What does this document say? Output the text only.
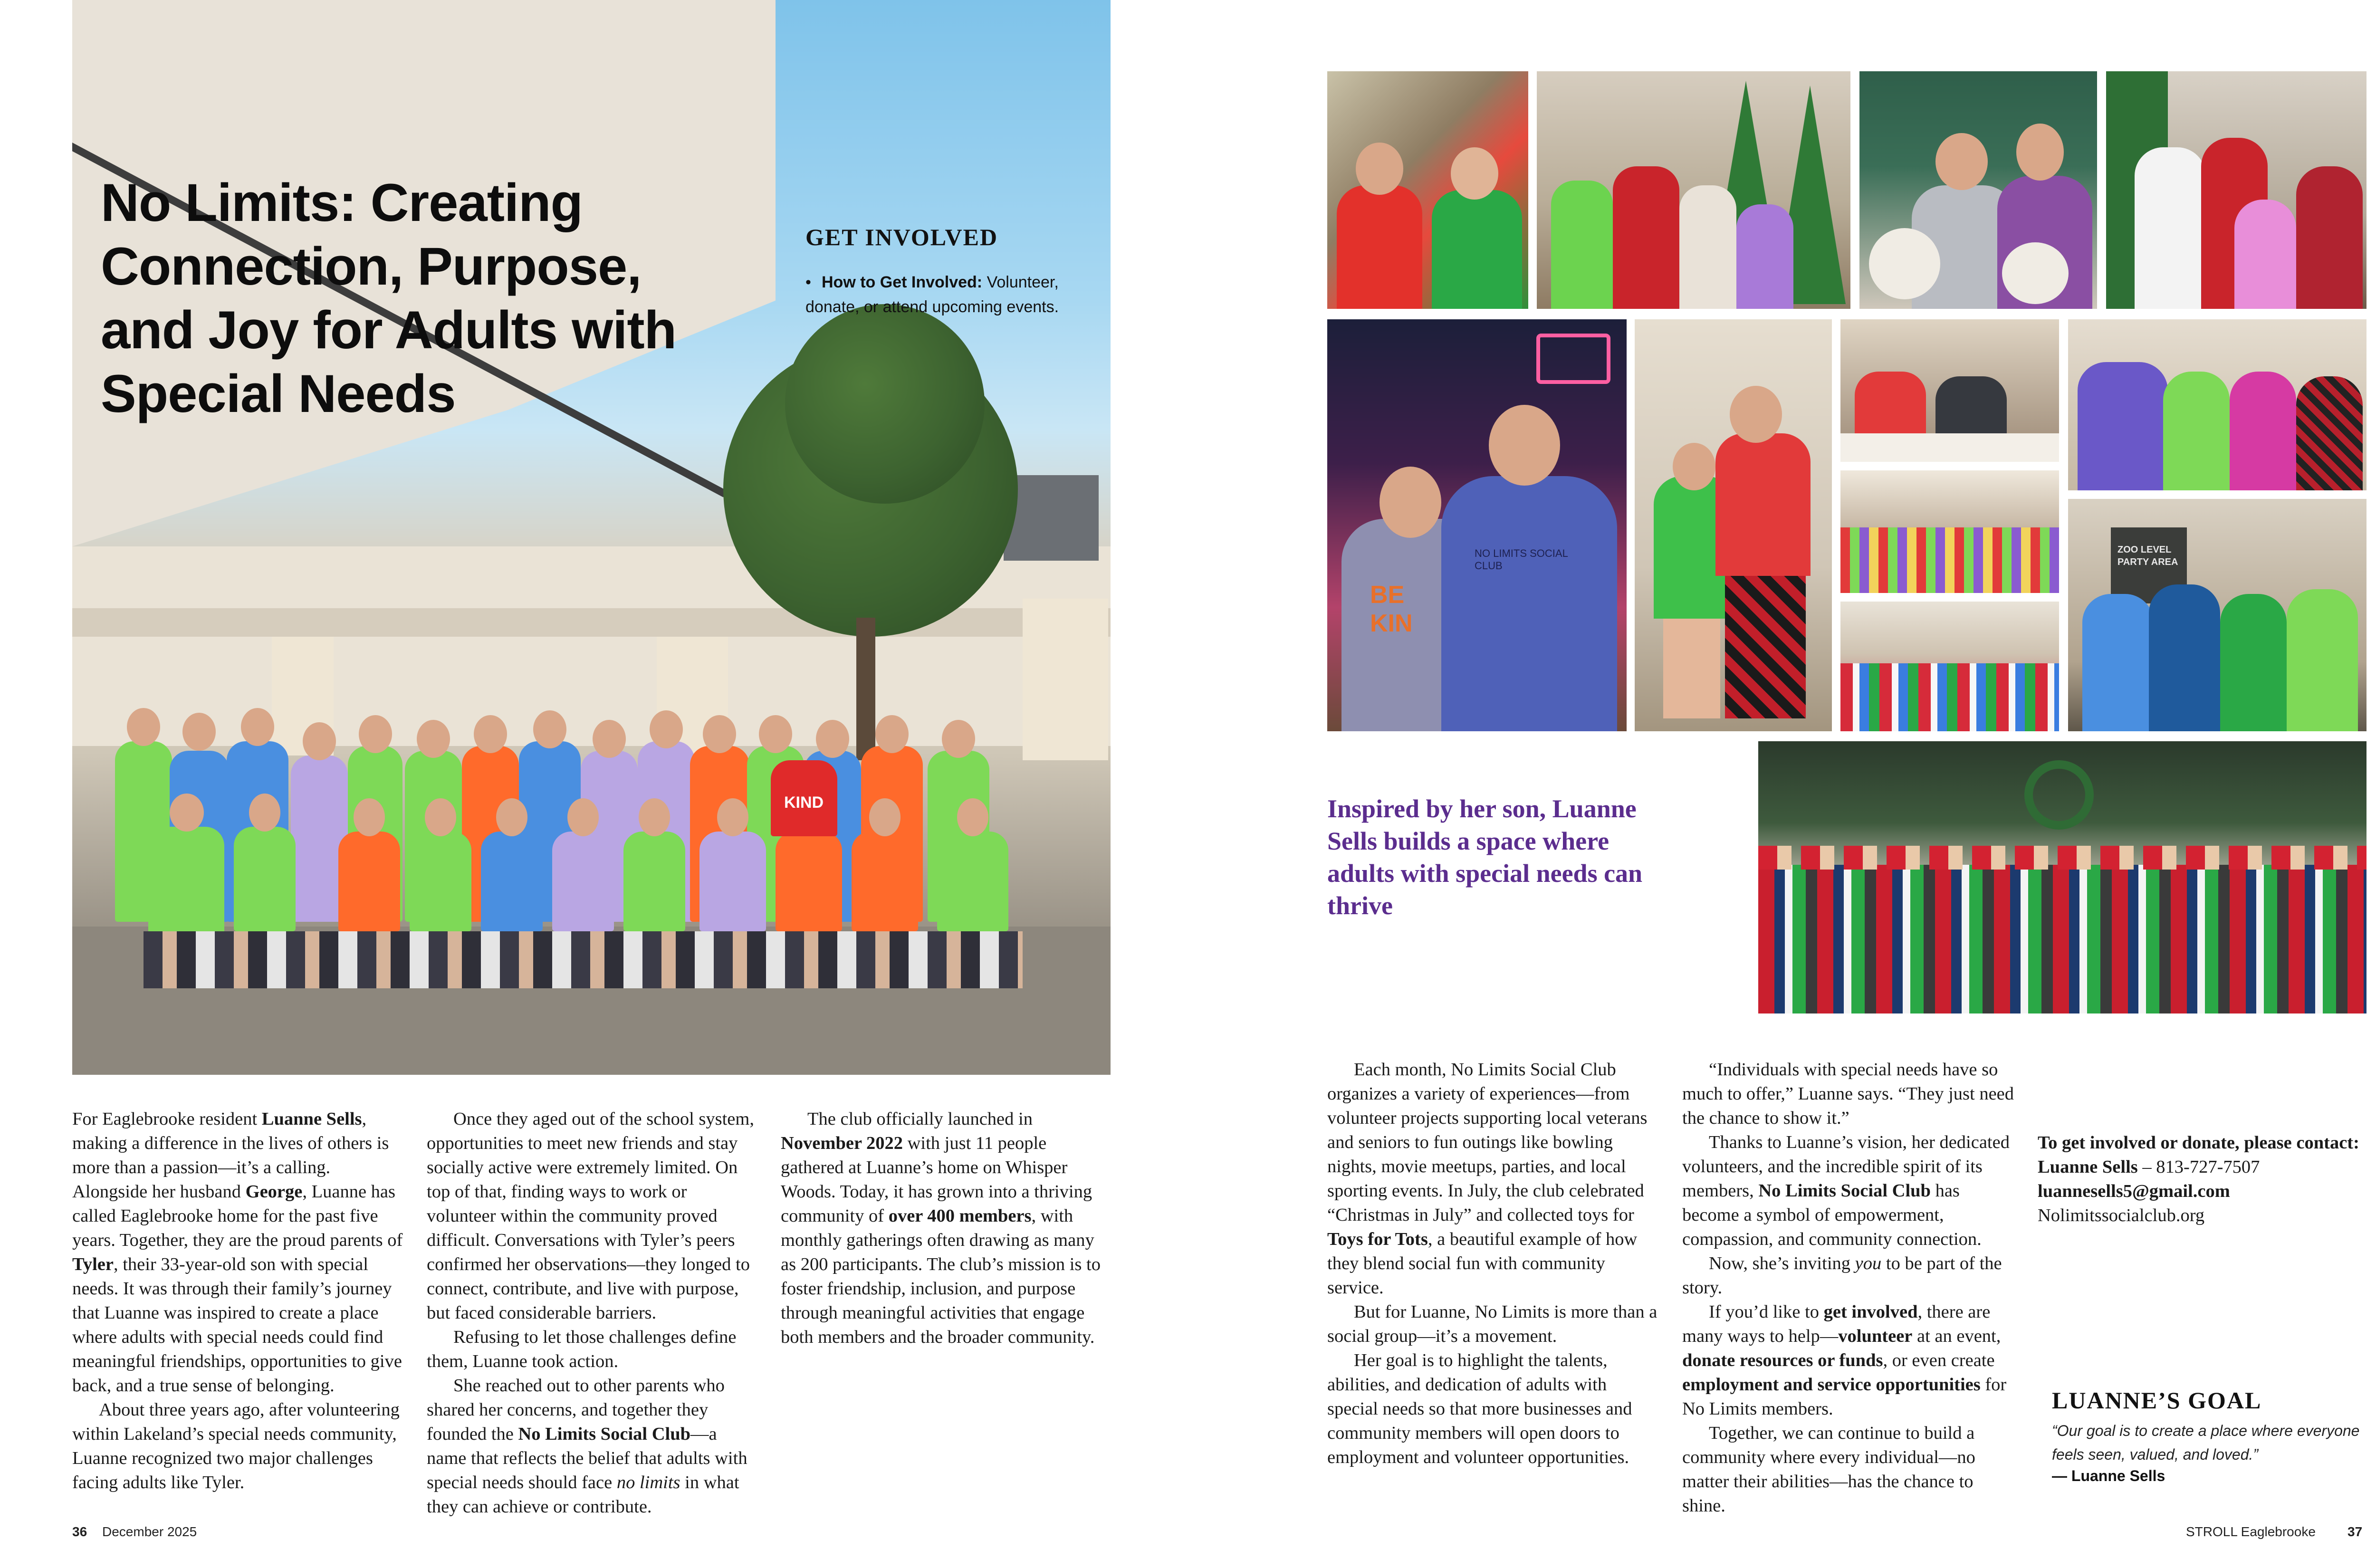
KIND
No Limits: Creating Connection, Purpose, and Joy for Adults with Special Needs
GET INVOLVED
• How to Get Involved: Volunteer, donate, or attend upcoming events.

For Eaglebrooke resident Luanne Sells, making a difference in the lives of others is more than a passion—it’s a calling. Alongside her husband George, Luanne has called Eaglebrooke home for the past five years. Together, they are the proud parents of Tyler, their 33-year-old son with special needs. It was through their family’s journey that Luanne was inspired to create a place where adults with special needs could find meaningful friendships, opportunities to give back, and a true sense of belonging.

About three years ago, after volunteering within Lakeland’s special needs community, Luanne recognized two major challenges facing adults like Tyler.

Once they aged out of the school system, opportunities to meet new friends and stay socially active were extremely limited. On top of that, finding ways to work or volunteer within the community proved difficult. Conversations with Tyler’s peers confirmed her observations—they longed to connect, contribute, and live with purpose, but faced considerable barriers.

Refusing to let those challenges define them, Luanne took action.

She reached out to other parents who shared her concerns, and together they founded the No Limits Social Club—a name that reflects the belief that adults with special needs should face no limits in what they can achieve or contribute.

The club officially launched in November 2022 with just 11 people gathered at Luanne’s home on Whisper Woods. Today, it has grown into a thriving community of over 400 members, with monthly gatherings often drawing as many as 200 participants. The club’s mission is to foster friendship, inclusion, and purpose through meaningful activities that engage both members and the broader community.

36 December 2025
BE KIN
NO LIMITS SOCIAL CLUB
ZOO LEVEL PARTY AREA
Inspired by her son, Luanne Sells builds a space where adults with special needs can thrive

Each month, No Limits Social Club organizes a variety of experiences—from volunteer projects supporting local veterans and seniors to fun outings like bowling nights, movie meetups, parties, and local sporting events. In July, the club celebrated “Christmas in July” and collected toys for Toys for Tots, a beautiful example of how they blend social fun with community service.

But for Luanne, No Limits is more than a social group—it’s a movement.

Her goal is to highlight the talents, abilities, and dedication of adults with special needs so that more businesses and community members will open doors to employment and volunteer opportunities.

“Individuals with special needs have so much to offer,” Luanne says. “They just need the chance to show it.”

Thanks to Luanne’s vision, her dedicated volunteers, and the incredible spirit of its members, No Limits Social Club has become a symbol of empowerment, compassion, and community connection.

Now, she’s inviting you to be part of the story.

If you’d like to get involved, there are many ways to help—volunteer at an event, donate resources or funds, or even create employment and service opportunities for No Limits members.

Together, we can continue to build a community where every individual—no matter their abilities—has the chance to shine.

To get involved or donate, please contact:

Luanne Sells – 813-727-7507

luannesells5@gmail.com

Nolimitssocialclub.org

LUANNE’S GOAL
“Our goal is to create a place where everyone feels seen, valued, and loved.”
— Luanne Sells
STROLL Eaglebrooke 37
